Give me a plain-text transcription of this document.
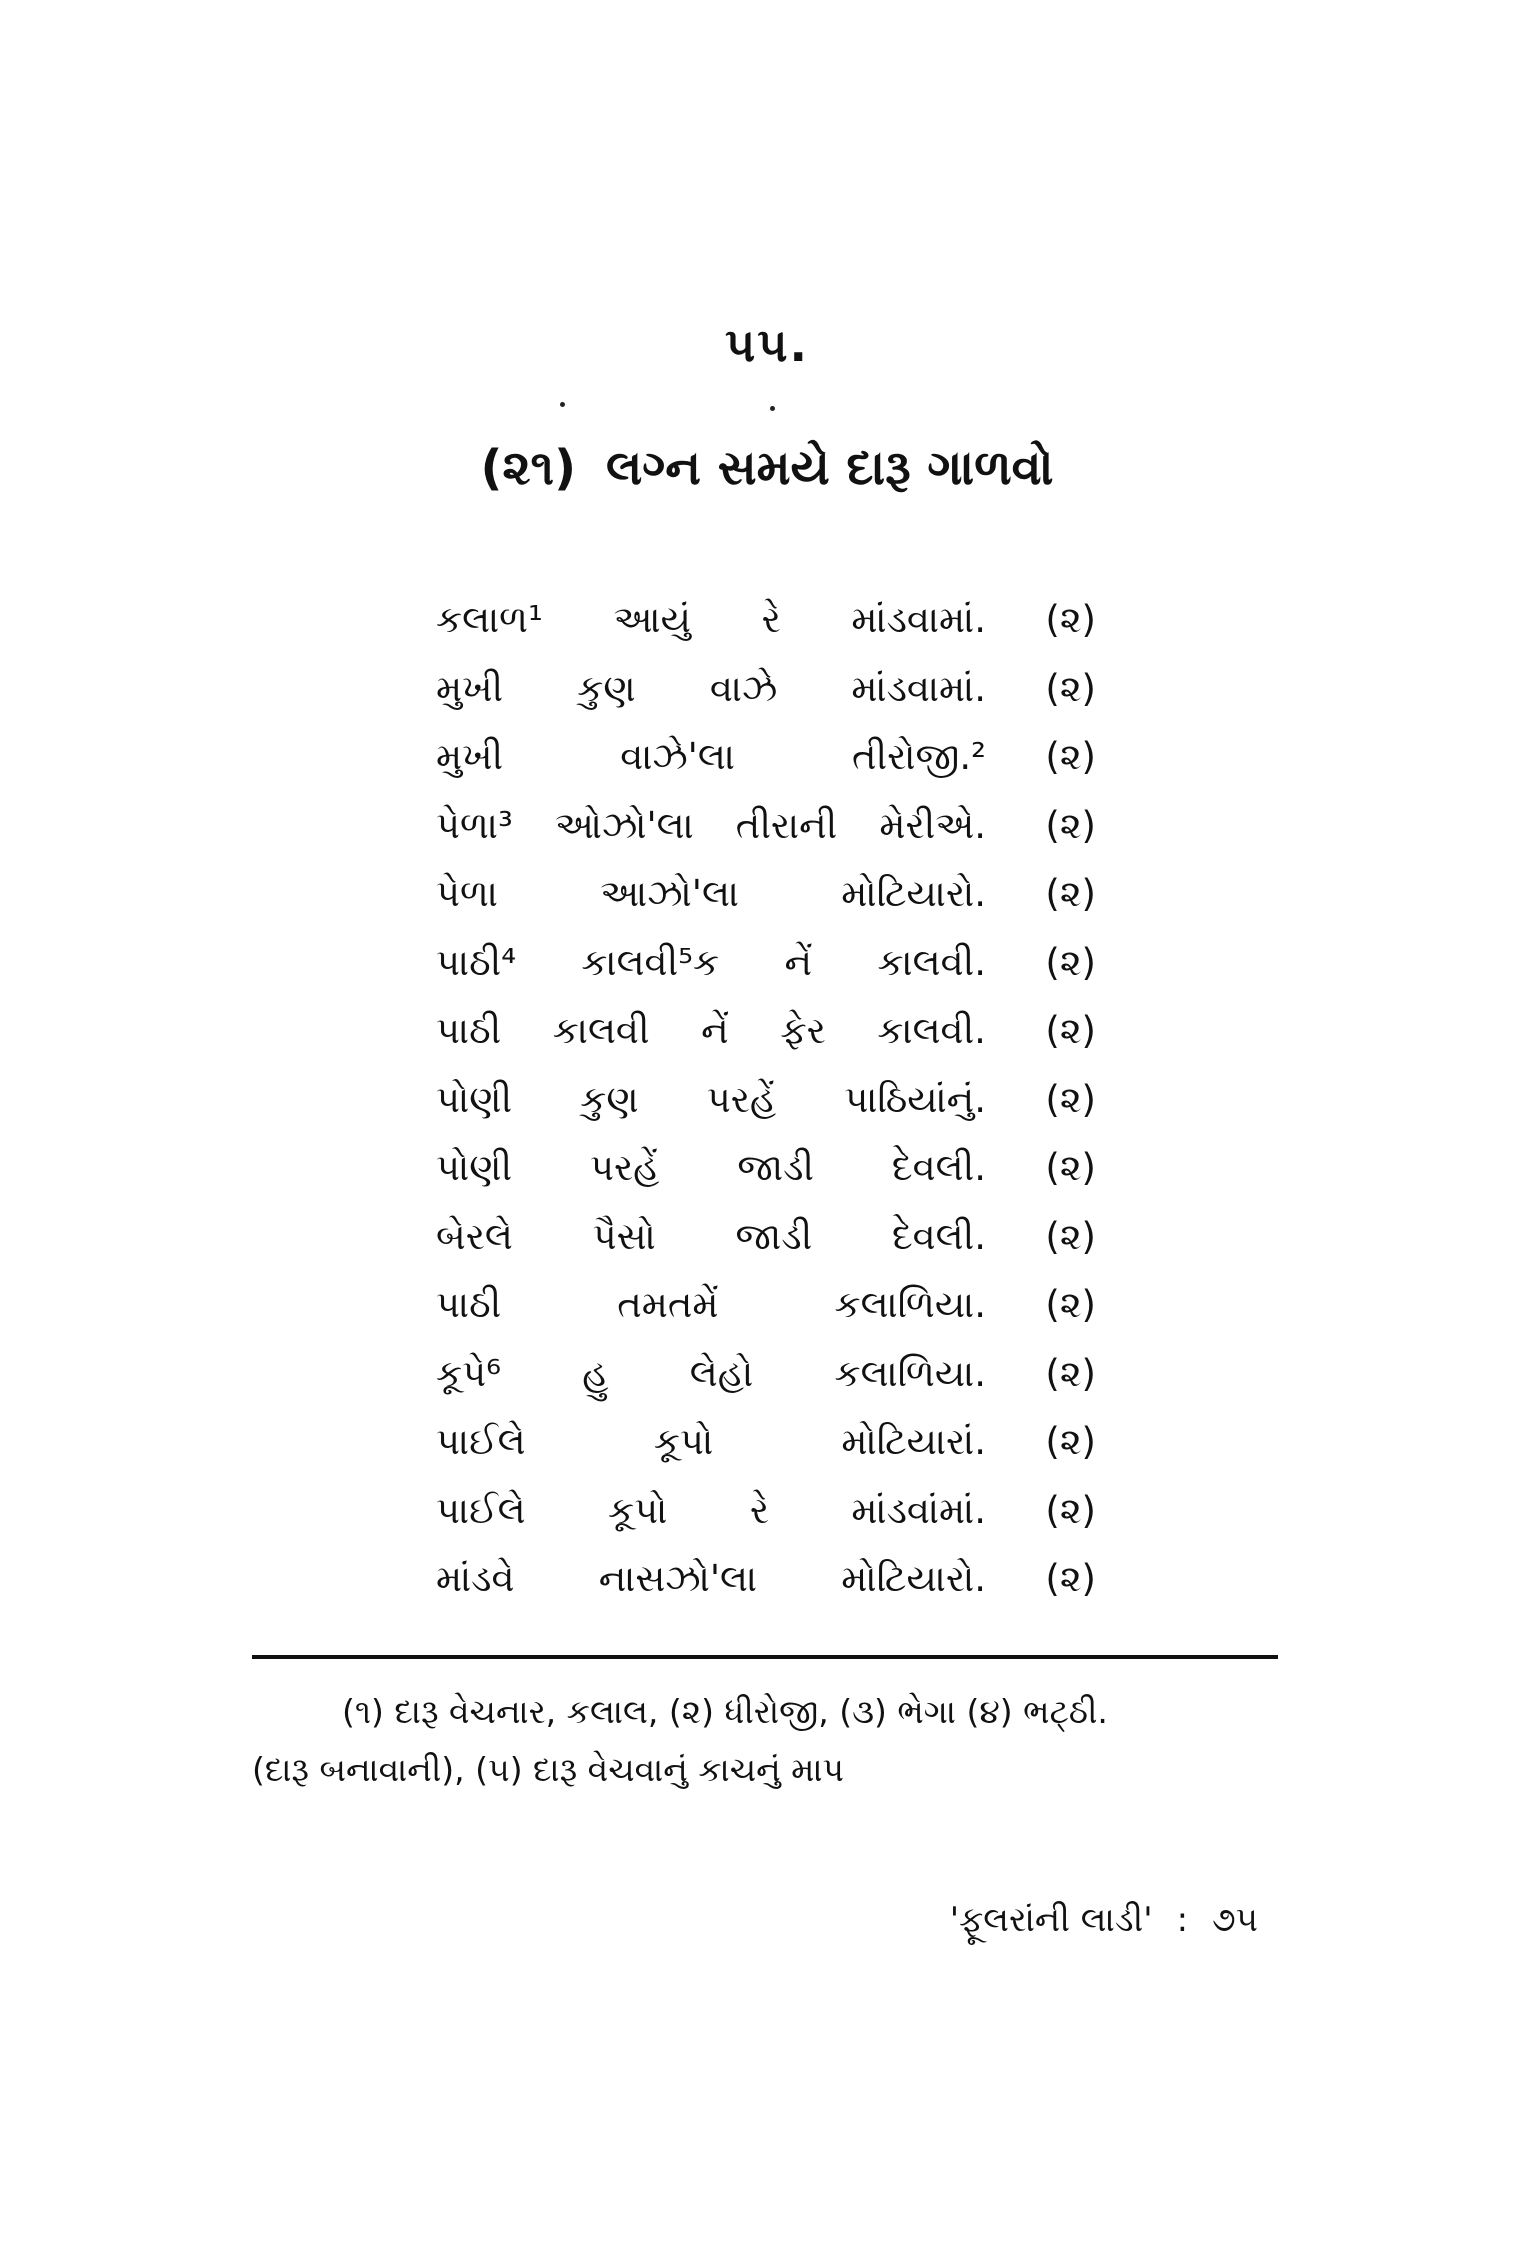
૫૫.
(૨૧) લગ્ન સમયે દારૂ ગાળવો
કલાળ¹ આયું રે માંડવામાં.	(૨)
મુખી કુણ વાઝે માંડવામાં.	(૨)
મુખી	વાઝે'લા	તીરોજી.²	(૨)
પેળા³ ઓઝો'લા તીરાની મેરીએ.	(૨)
પેળા	આઝો'લા	મોટિયારો.	(૨)
પાઠી⁴ કાલવી⁵ક નેં કાલવી.	(૨)
પાઠી કાલવી નેં ફેર કાલવી.	(૨)
પોણી કુણ પરહેં પાઠિયાંનું.	(૨)
પોણી પરહેં જાડી દેવલી.	(૨)
બેરલે પૈસો જાડી દેવલી.	(૨)
પાઠી	તમતમેં	કલાળિયા.	(૨)
કૂપે⁶ હુ લેહો કલાળિયા.	(૨)
પાઈલે	કૂપો	મોટિયારાં.	(૨)
પાઈલે કૂપો રે માંડવાંમાં.	(૨)
માંડવે નાસઝો'લા મોટિયારો.	(૨)
(૧) દારૂ વેચનાર, કલાલ, (૨) ધીરોજી, (૩) ભેગા (૪) ભટ્ઠી.
(દારૂ બનાવાની), (૫) દારૂ વેચવાનું કાચનું માપ
'ફૂલરાંની લાડી' : ૭૫
